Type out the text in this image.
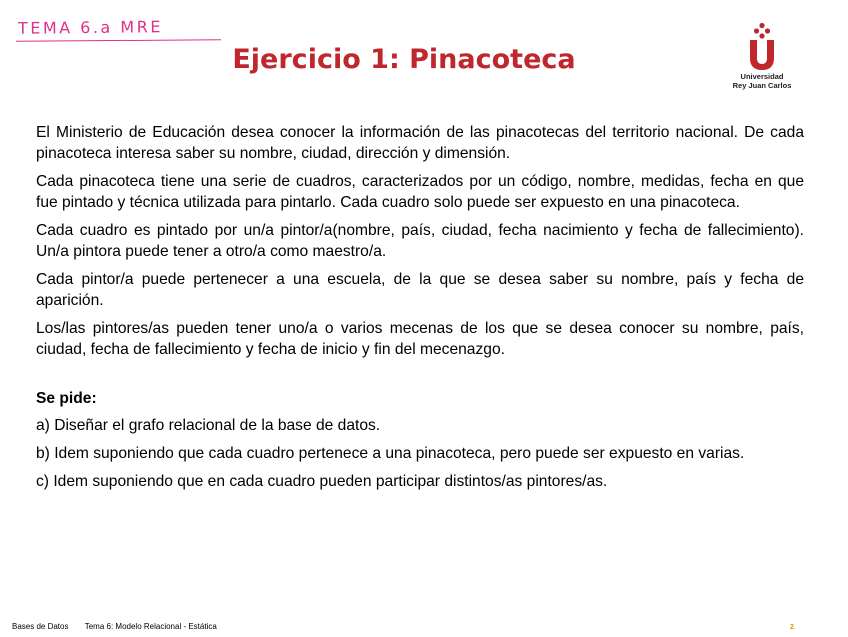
TEMA 6.a MRE
Ejercicio 1: Pinacoteca
Universidad
Rey Juan Carlos

El Ministerio de Educación desea conocer la información de las pinacotecas del territorio nacional. De cada pinacoteca interesa saber su nombre, ciudad, dirección y dimensión.

Cada pinacoteca tiene una serie de cuadros, caracterizados por un código, nombre, medidas, fecha en que fue pintado y técnica utilizada para pintarlo. Cada cuadro solo puede ser expuesto en una pinacoteca.

Cada cuadro es pintado por un/a pintor/a(nombre, país, ciudad, fecha nacimiento y fecha de fallecimiento). Un/a pintora puede tener a otro/a como maestro/a.

Cada pintor/a puede pertenecer a una escuela, de la que se desea saber su nombre, país y fecha de aparición.

Los/las pintores/as pueden tener uno/a o varios mecenas de los que se desea conocer su nombre, país, ciudad, fecha de fallecimiento y fecha de inicio y fin del mecenazgo.

Se pide:

a) Diseñar el grafo relacional de la base de datos.

b) Idem suponiendo que cada cuadro pertenece a una pinacoteca, pero puede ser expuesto en varias.

c) Idem suponiendo que en cada cuadro pueden participar distintos/as pintores/as.

Bases de Datos Tema 6: Modelo Relacional - Estática	2
